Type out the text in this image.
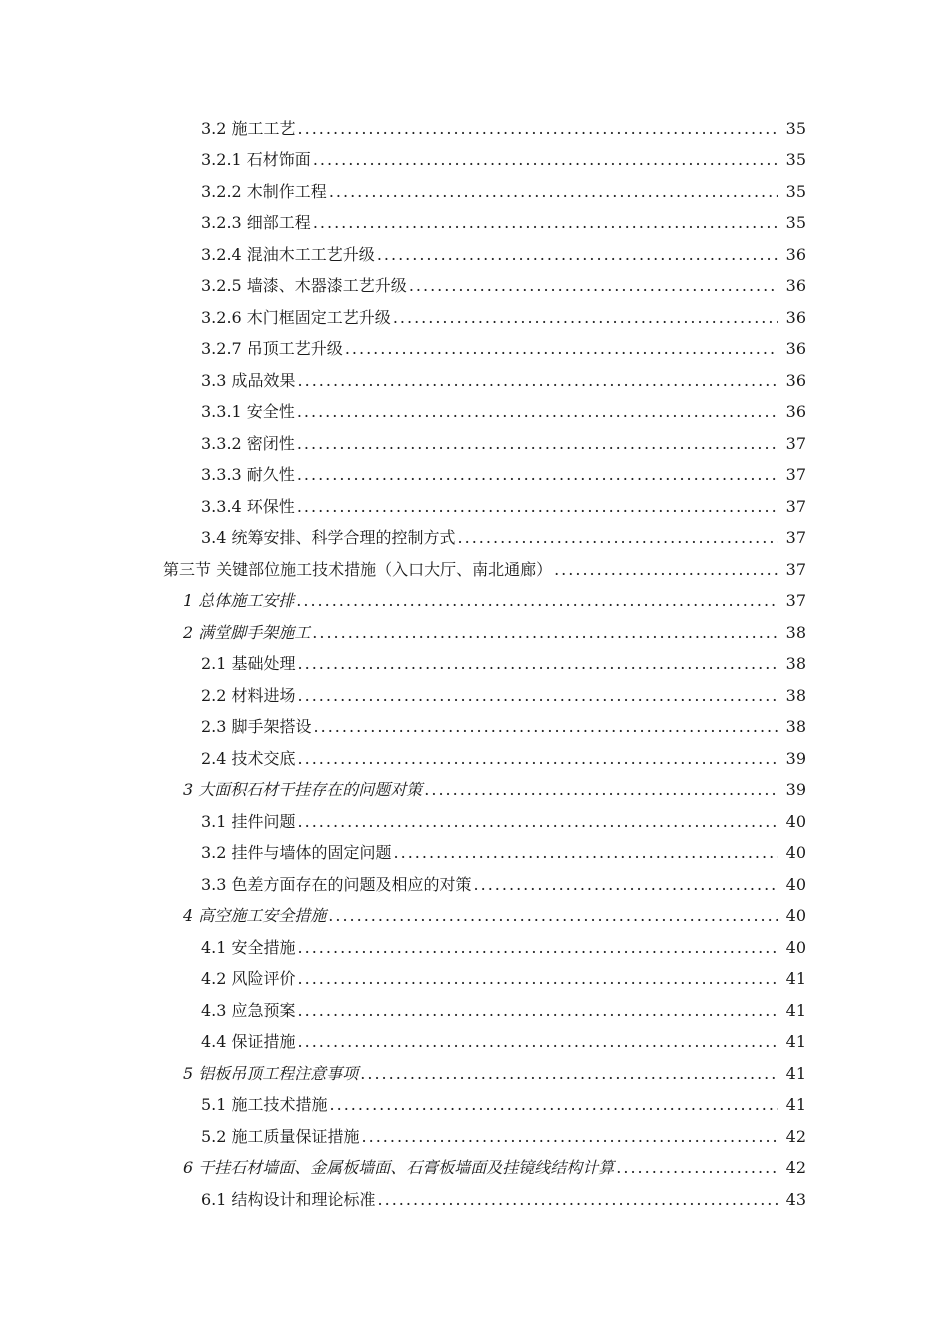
3.2 施工工艺 .....	35
3.2.1 石材饰面 .....	35
3.2.2 木制作工程 .....	35
3.2.3 细部工程 .....	35
3.2.4 混油木工工艺升级 .....	36
3.2.5 墙漆、木器漆工艺升级 .....	36
3.2.6 木门框固定工艺升级 .....	36
3.2.7 吊顶工艺升级 .....	36
3.3 成品效果 .....	36
3.3.1 安全性 .....	36
3.3.2 密闭性 .....	37
3.3.3 耐久性 .....	37
3.3.4 环保性 .....	37
3.4 统筹安排、科学合理的控制方式 .....	37
第三节 关键部位施工技术措施（入口大厅、南北通廊） .....	37
1 总体施工安排 .....	37
2 满堂脚手架施工 .....	38
2.1 基础处理 .....	38
2.2 材料进场 .....	38
2.3 脚手架搭设 .....	38
2.4 技术交底 .....	39
3 大面积石材干挂存在的问题对策 .....	39
3.1 挂件问题 .....	40
3.2 挂件与墙体的固定问题 .....	40
3.3 色差方面存在的问题及相应的对策 .....	40
4 高空施工安全措施 .....	40
4.1 安全措施 .....	40
4.2 风险评价 .....	41
4.3 应急预案 .....	41
4.4 保证措施 .....	41
5 铝板吊顶工程注意事项 .....	41
5.1 施工技术措施 .....	41
5.2 施工质量保证措施 .....	42
6 干挂石材墙面、金属板墙面、石膏板墙面及挂镜线结构计算 .....	42
6.1 结构设计和理论标准 .....	43
